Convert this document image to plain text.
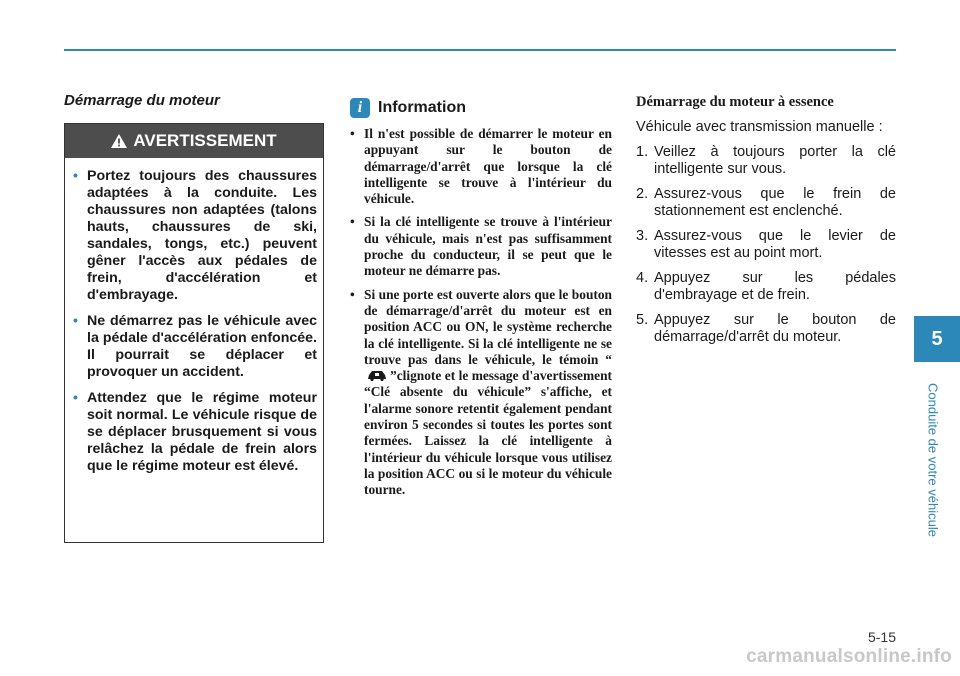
Démarrage du moteur
AVERTISSEMENT
• Portez toujours des chaussures adaptées à la conduite. Les chaussures non adaptées (talons hauts, chaussures de ski, sandales, tongs, etc.) peuvent gêner l'accès aux pédales de frein, d'accélération et d'embrayage.
• Ne démarrez pas le véhicule avec la pédale d'accélération enfoncée. Il pourrait se déplacer et provoquer un accident.
• Attendez que le régime moteur soit normal. Le véhicule risque de se déplacer brusquement si vous relâchez la pédale de frein alors que le régime moteur est élevé.
i Information
• Il n'est possible de démarrer le moteur en appuyant sur le bouton de démarrage/d'arrêt que lorsque la clé intelligente se trouve à l'intérieur du véhicule.
• Si la clé intelligente se trouve à l'intérieur du véhicule, mais n'est pas suffisamment proche du conducteur, il se peut que le moteur ne démarre pas.
• Si une porte est ouverte alors que le bouton de démarrage/d'arrêt du moteur est en position ACC ou ON, le système recherche la clé intelligente. Si la clé intelligente ne se trouve pas dans le véhicule, le témoin “”clignote et le message d'avertissement “Clé absente du véhicule” s'affiche, et l'alarme sonore retentit également pendant environ 5 secondes si toutes les portes sont fermées. Laissez la clé intelligente à l'intérieur du véhicule lorsque vous utilisez la position ACC ou si le moteur du véhicule tourne.
Démarrage du moteur à essence
Véhicule avec transmission manuelle :
1. Veillez à toujours porter la clé intelligente sur vous.
2. Assurez-vous que le frein de stationnement est enclenché.
3. Assurez-vous que le levier de vitesses est au point mort.
4. Appuyez sur les pédales d'embrayage et de frein.
5. Appuyez sur le bouton de démarrage/d'arrêt du moteur.	5
Conduite de votre véhicule
5-15
carmanualsonline.info
